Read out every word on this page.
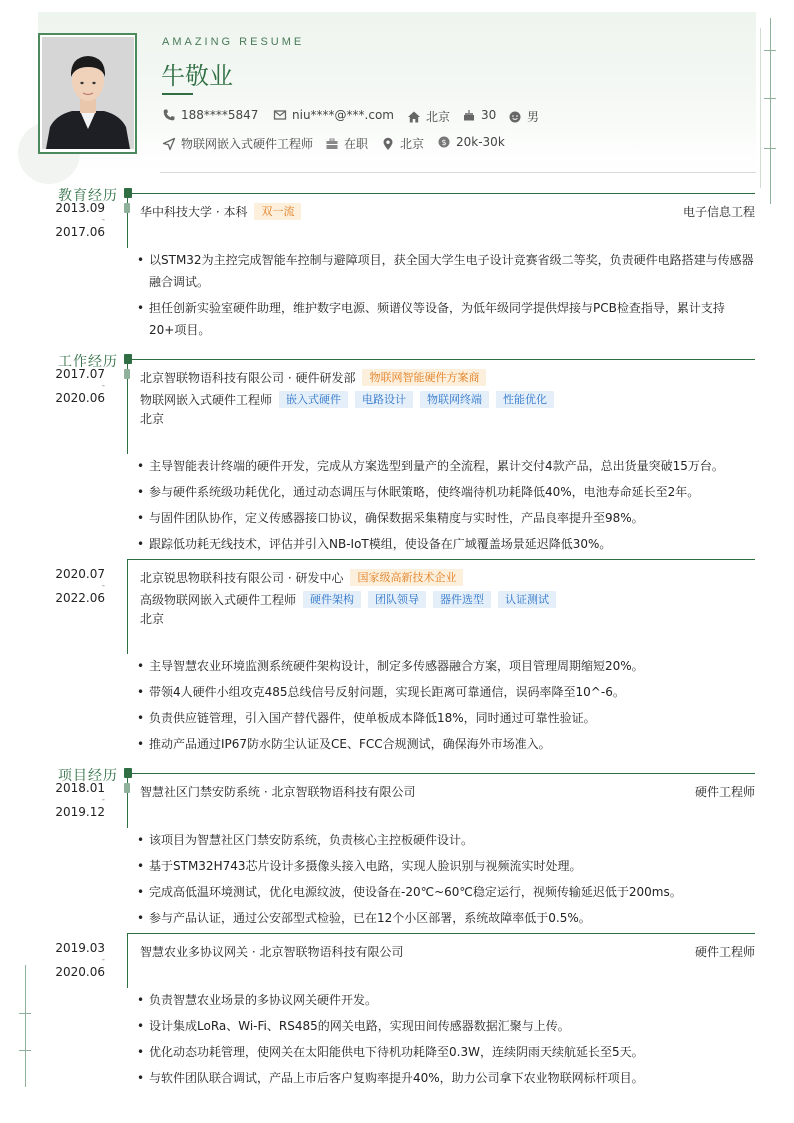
AMAZING RESUME
牛敬业
188****5847	niu****@***.com	北京	30	男
物联网嵌入式硬件工程师	在职	北京 $ 20k-30k
教育经历
2013.09
-
2017.06
华中科技大学 · 本科	双一流	电子信息工程
• 以STM32为主控完成智能车控制与避障项目，获全国大学生电子设计竞赛省级二等奖，负责硬件电路搭建与传感器融合调试。
• 担任创新实验室硬件助理，维护数字电源、频谱仪等设备，为低年级同学提供焊接与PCB检查指导，累计支持20+项目。
工作经历
2017.07
-
2020.06
北京智联物语科技有限公司 · 硬件研发部	物联网智能硬件方案商
物联网嵌入式硬件工程师	嵌入式硬件	电路设计	物联网终端	性能优化
北京
• 主导智能表计终端的硬件开发，完成从方案选型到量产的全流程，累计交付4款产品，总出货量突破15万台。
• 参与硬件系统级功耗优化，通过动态调压与休眠策略，使终端待机功耗降低40%，电池寿命延长至2年。
• 与固件团队协作，定义传感器接口协议，确保数据采集精度与实时性，产品良率提升至98%。
• 跟踪低功耗无线技术，评估并引入NB-IoT模组，使设备在广域覆盖场景延迟降低30%。
2020.07
-
2022.06
北京锐思物联科技有限公司 · 研发中心	国家级高新技术企业
高级物联网嵌入式硬件工程师	硬件架构	团队领导	器件选型	认证测试
北京
• 主导智慧农业环境监测系统硬件架构设计，制定多传感器融合方案，项目管理周期缩短20%。
• 带领4人硬件小组攻克485总线信号反射问题，实现长距离可靠通信，误码率降至10^-6。
• 负责供应链管理，引入国产替代器件，使单板成本降低18%，同时通过可靠性验证。
• 推动产品通过IP67防水防尘认证及CE、FCC合规测试，确保海外市场准入。
项目经历
2018.01
-
2019.12
智慧社区门禁安防系统 · 北京智联物语科技有限公司	硬件工程师
• 该项目为智慧社区门禁安防系统，负责核心主控板硬件设计。
• 基于STM32H743芯片设计多摄像头接入电路，实现人脸识别与视频流实时处理。
• 完成高低温环境测试，优化电源纹波，使设备在-20℃~60℃稳定运行，视频传输延迟低于200ms。
• 参与产品认证，通过公安部型式检验，已在12个小区部署，系统故障率低于0.5%。
2019.03
-
2020.06
智慧农业多协议网关 · 北京智联物语科技有限公司	硬件工程师
• 负责智慧农业场景的多协议网关硬件开发。
• 设计集成LoRa、Wi-Fi、RS485的网关电路，实现田间传感器数据汇聚与上传。
• 优化动态功耗管理，使网关在太阳能供电下待机功耗降至0.3W，连续阴雨天续航延长至5天。
• 与软件团队联合调试，产品上市后客户复购率提升40%，助力公司拿下农业物联网标杆项目。
